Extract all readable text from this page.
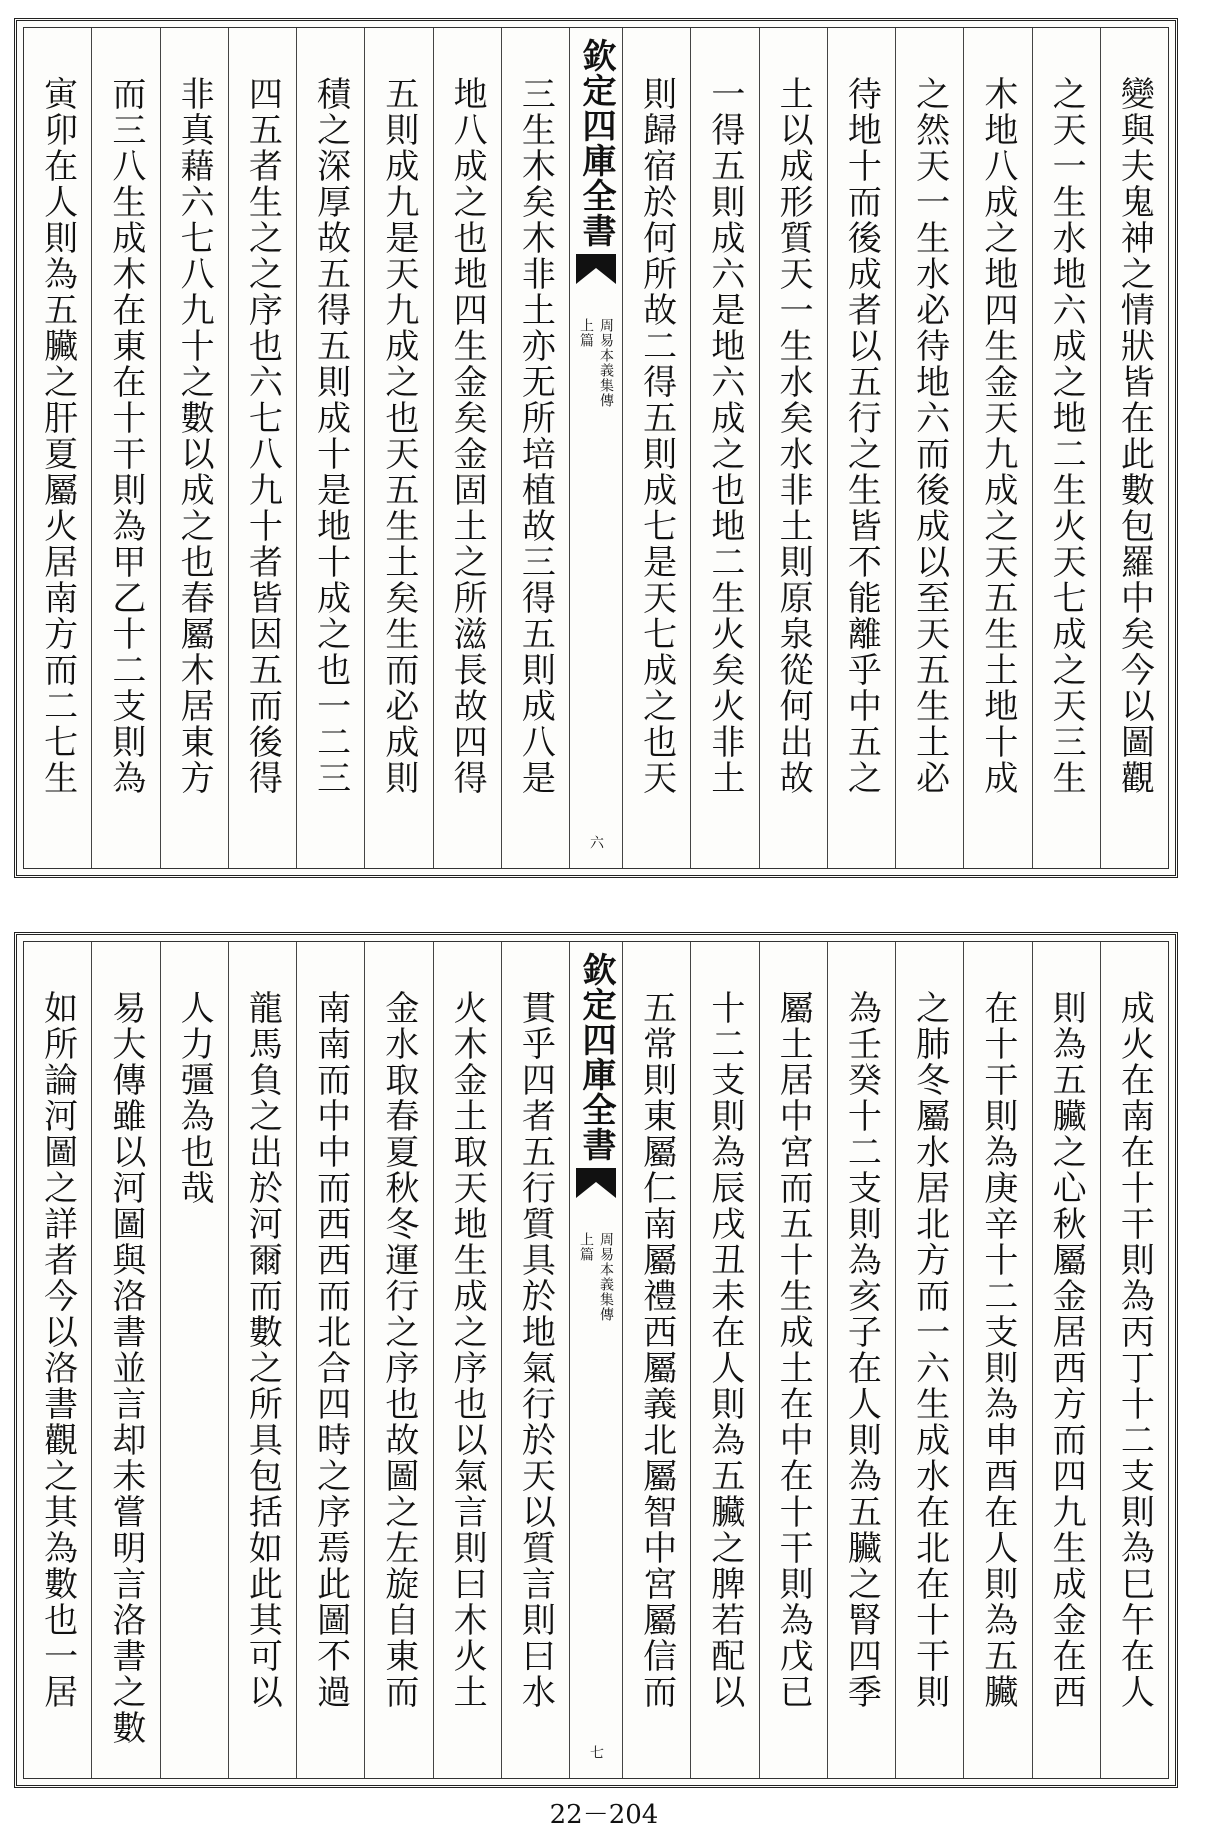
變與夫鬼神之情狀皆在此數包羅中矣今以圖觀
之天一生水地六成之地二生火天七成之天三生
木地八成之地四生金天九成之天五生土地十成
之然天一生水必待地六而後成以至天五生土必
待地十而後成者以五行之生皆不能離乎中五之
土以成形質天一生水矣水非土則原泉從何出故
一得五則成六是地六成之也地二生火矣火非土
則歸宿於何所故二得五則成七是天七成之也天
欽定四庫全書
周易本義集傳
上篇
六
三生木矣木非土亦无所培植故三得五則成八是
地八成之也地四生金矣金固土之所滋長故四得
五則成九是天九成之也天五生土矣生而必成則
積之深厚故五得五則成十是地十成之也一二三
四五者生之之序也六七八九十者皆因五而後得
非真藉六七八九十之數以成之也春屬木居東方
而三八生成木在東在十干則為甲乙十二支則為
寅卯在人則為五臟之肝夏屬火居南方而二七生
成火在南在十干則為丙丁十二支則為巳午在人
則為五臟之心秋屬金居西方而四九生成金在西
在十干則為庚辛十二支則為申酉在人則為五臟
之肺冬屬水居北方而一六生成水在北在十干則
為壬癸十二支則為亥子在人則為五臟之腎四季
屬土居中宮而五十生成土在中在十干則為戊已
十二支則為辰戌丑未在人則為五臟之脾若配以
五常則東屬仁南屬禮西屬義北屬智中宮屬信而
欽定四庫全書
周易本義集傳
上篇
七
貫乎四者五行質具於地氣行於天以質言則曰水
火木金土取天地生成之序也以氣言則曰木火土
金水取春夏秋冬運行之序也故圖之左旋自東而
南南而中中而西西而北合四時之序焉此圖不過
龍馬負之出於河爾而數之所具包括如此其可以
人力彊為也哉
易大傳雖以河圖與洛書並言却未嘗明言洛書之數
如所論河圖之詳者今以洛書觀之其為數也一居
22－204
